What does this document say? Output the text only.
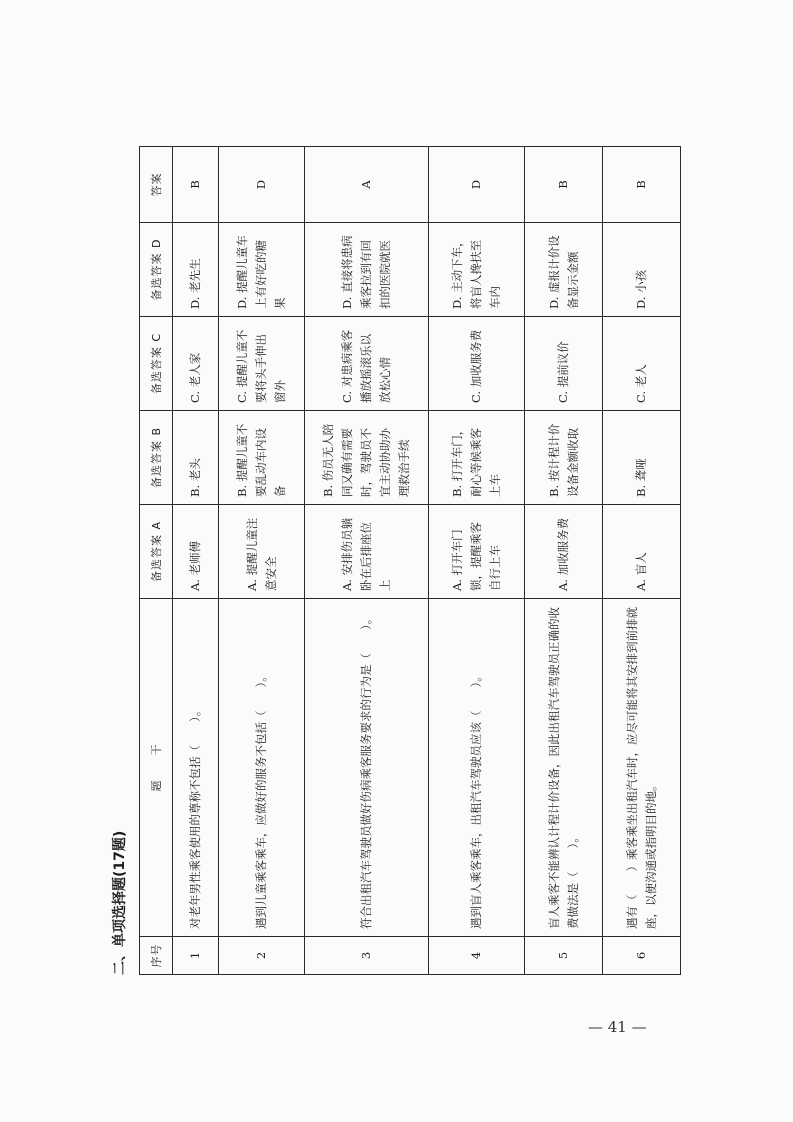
二、单项选择题(17题)	序号	题　　干	备选答案 A	备选答案 B	备选答案 C	备选答案 D	答案
1	对老年男性乘客使用的尊称不包括（　　）。	A. 老师傅	B. 老头	C. 老人家	D. 老先生	B
2	遇到儿童乘客乘车，应做好的服务不包括（　　）。	A. 提醒儿童注意安全	B. 提醒儿童不要乱动车内设备	C. 提醒儿童不要将头手伸出窗外	D. 提醒儿童车上有好吃的糖果	D
3	符合出租汽车驾驶员做好伤病乘客服务要求的行为是（　　）。	A. 安排伤员躺卧在后排座位上	B. 伤员无人陪同又确有需要时，驾驶员不宜主动协助办理救治手续	C. 对患病乘客播放摇滚乐以放松心情	D. 直接将患病乘客拉到有回扣的医院就医	A
4	遇到盲人乘客乘车，出租汽车驾驶员应该（　　）。	A. 打开车门锁，提醒乘客自行上车	B. 打开车门，耐心等候乘客上车	C. 加收服务费	D. 主动下车，将盲人搀扶至车内	D
5	盲人乘客不能辨认计程计价设备，因此出租汽车驾驶员正确的收费做法是（　　）。	A. 加收服务费	B. 按计程计价设备金额收取	C. 提前议价	D. 虚报计价设备显示金额	B
6	遇有（　　）乘客乘坐出租汽车时，应尽可能将其安排到前排就座，以便沟通或指明目的地。	A. 盲人	B. 聋哑	C. 老人	D. 小孩	B
— 41 —
